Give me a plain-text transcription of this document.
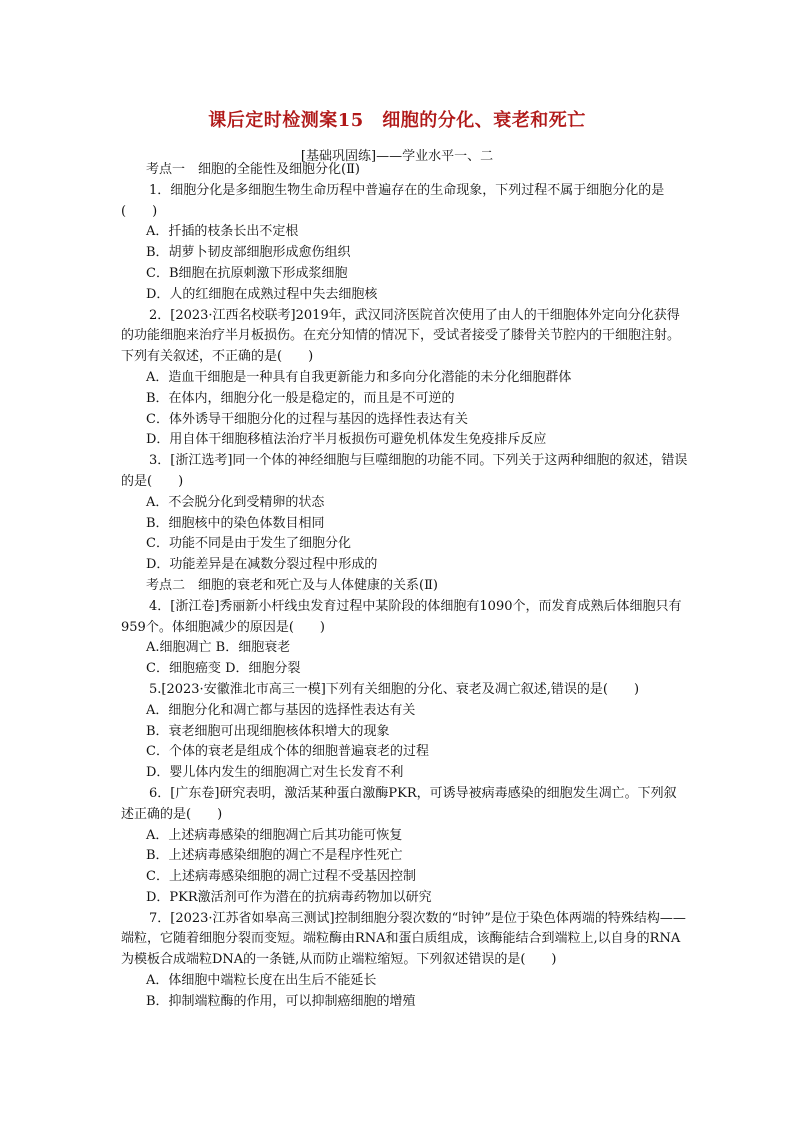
课后定时检测案15　细胞的分化、衰老和死亡
[基础巩固练]——学业水平一、二

考点一　细胞的全能性及细胞分化(Ⅱ)

1．细胞分化是多细胞生物生命历程中普遍存在的生命现象，下列过程不属于细胞分化的是(　　)

A．扦插的枝条长出不定根

B．胡萝卜韧皮部细胞形成愈伤组织

C．B细胞在抗原刺激下形成浆细胞

D．人的红细胞在成熟过程中失去细胞核

2．[2023·江西名校联考]2019年，武汉同济医院首次使用了由人的干细胞体外定向分化获得的功能细胞来治疗半月板损伤。在充分知情的情况下，受试者接受了膝骨关节腔内的干细胞注射。下列有关叙述，不正确的是(　　)

A．造血干细胞是一种具有自我更新能力和多向分化潜能的未分化细胞群体

B．在体内，细胞分化一般是稳定的，而且是不可逆的

C．体外诱导干细胞分化的过程与基因的选择性表达有关

D．用自体干细胞移植法治疗半月板损伤可避免机体发生免疫排斥反应

3．[浙江选考]同一个体的神经细胞与巨噬细胞的功能不同。下列关于这两种细胞的叙述，错误的是(　　)

A．不会脱分化到受精卵的状态

B．细胞核中的染色体数目相同

C．功能不同是由于发生了细胞分化

D．功能差异是在减数分裂过程中形成的

考点二　细胞的衰老和死亡及与人体健康的关系(Ⅱ)

4．[浙江卷]秀丽新小杆线虫发育过程中某阶段的体细胞有1090个，而发育成熟后体细胞只有959个。体细胞减少的原因是(　　)

A.细胞凋亡 B．细胞衰老

C．细胞癌变 D．细胞分裂

5.[2023·安徽淮北市高三一模]下列有关细胞的分化、衰老及凋亡叙述,错误的是(　　)

A．细胞分化和凋亡都与基因的选择性表达有关

B．衰老细胞可出现细胞核体积增大的现象

C．个体的衰老是组成个体的细胞普遍衰老的过程

D．婴儿体内发生的细胞凋亡对生长发育不利

6．[广东卷]研究表明，激活某种蛋白激酶PKR，可诱导被病毒感染的细胞发生凋亡。下列叙述正确的是(　　)

A．上述病毒感染的细胞凋亡后其功能可恢复

B．上述病毒感染细胞的凋亡不是程序性死亡

C．上述病毒感染细胞的凋亡过程不受基因控制

D．PKR激活剂可作为潜在的抗病毒药物加以研究

7．[2023·江苏省如皋高三测试]控制细胞分裂次数的“时钟”是位于染色体两端的特殊结构——端粒，它随着细胞分裂而变短。端粒酶由RNA和蛋白质组成，该酶能结合到端粒上,以自身的RNA为模板合成端粒DNA的一条链,从而防止端粒缩短。下列叙述错误的是(　　)

A．体细胞中端粒长度在出生后不能延长

B．抑制端粒酶的作用，可以抑制癌细胞的增殖
